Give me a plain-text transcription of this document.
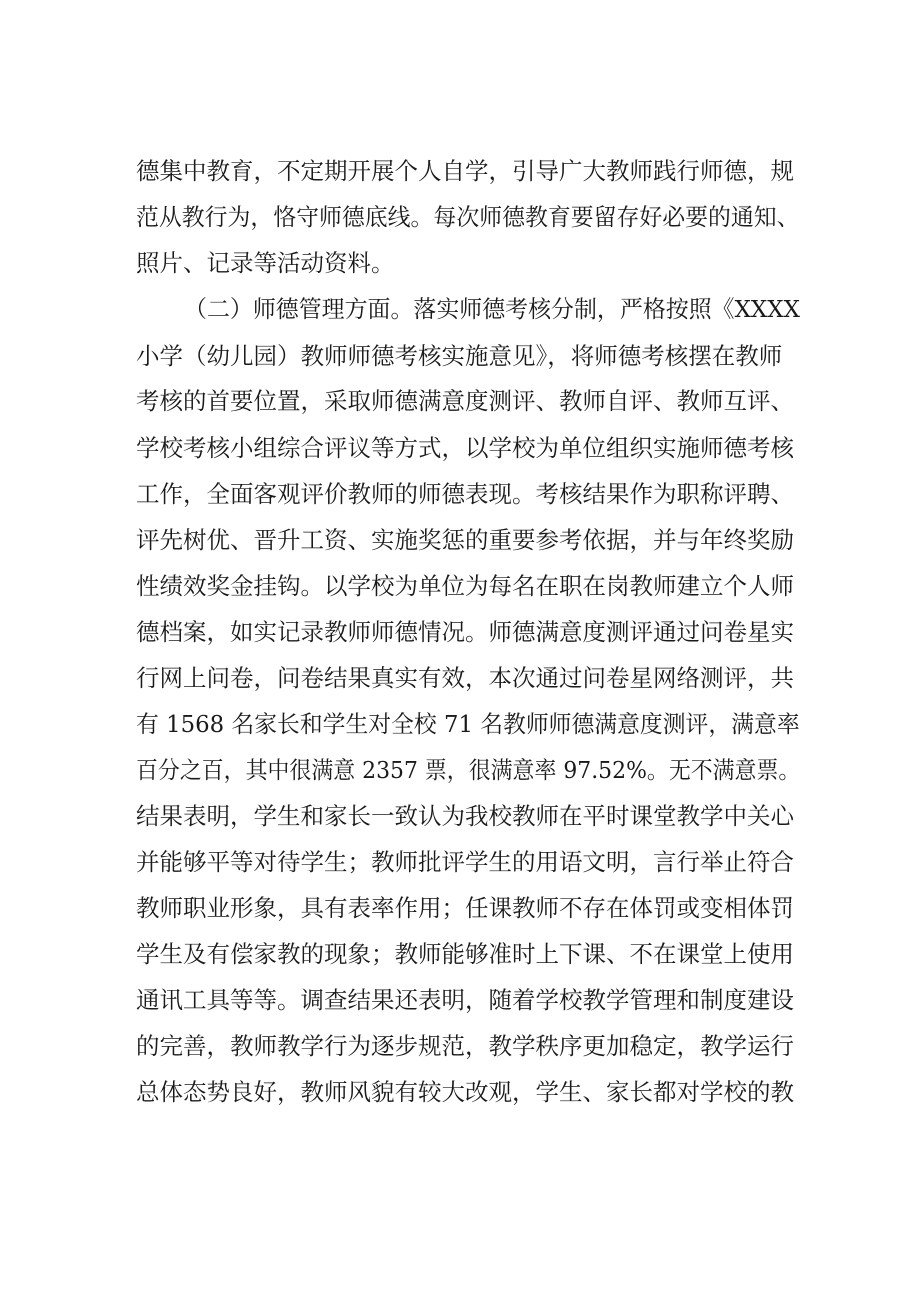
德集中教育，不定期开展个人自学，引导广大教师践行师德，规
范从教行为，恪守师德底线。每次师德教育要留存好必要的通知、
照片、记录等活动资料。
（二）师德管理方面。落实师德考核分制，严格按照《XXXX
小学（幼儿园）教师师德考核实施意见》，将师德考核摆在教师
考核的首要位置，采取师德满意度测评、教师自评、教师互评、
学校考核小组综合评议等方式，以学校为单位组织实施师德考核
工作，全面客观评价教师的师德表现。考核结果作为职称评聘、
评先树优、晋升工资、实施奖惩的重要参考依据，并与年终奖励
性绩效奖金挂钩。以学校为单位为每名在职在岗教师建立个人师
德档案，如实记录教师师德情况。师德满意度测评通过问卷星实
行网上问卷，问卷结果真实有效，本次通过问卷星网络测评，共
有 1568 名家长和学生对全校 71 名教师师德满意度测评，满意率
百分之百，其中很满意 2357 票，很满意率 97.52%。无不满意票。
结果表明，学生和家长一致认为我校教师在平时课堂教学中关心
并能够平等对待学生；教师批评学生的用语文明，言行举止符合
教师职业形象，具有表率作用；任课教师不存在体罚或变相体罚
学生及有偿家教的现象；教师能够准时上下课、不在课堂上使用
通讯工具等等。调查结果还表明，随着学校教学管理和制度建设
的完善，教师教学行为逐步规范，教学秩序更加稳定，教学运行
总体态势良好，教师风貌有较大改观，学生、家长都对学校的教
